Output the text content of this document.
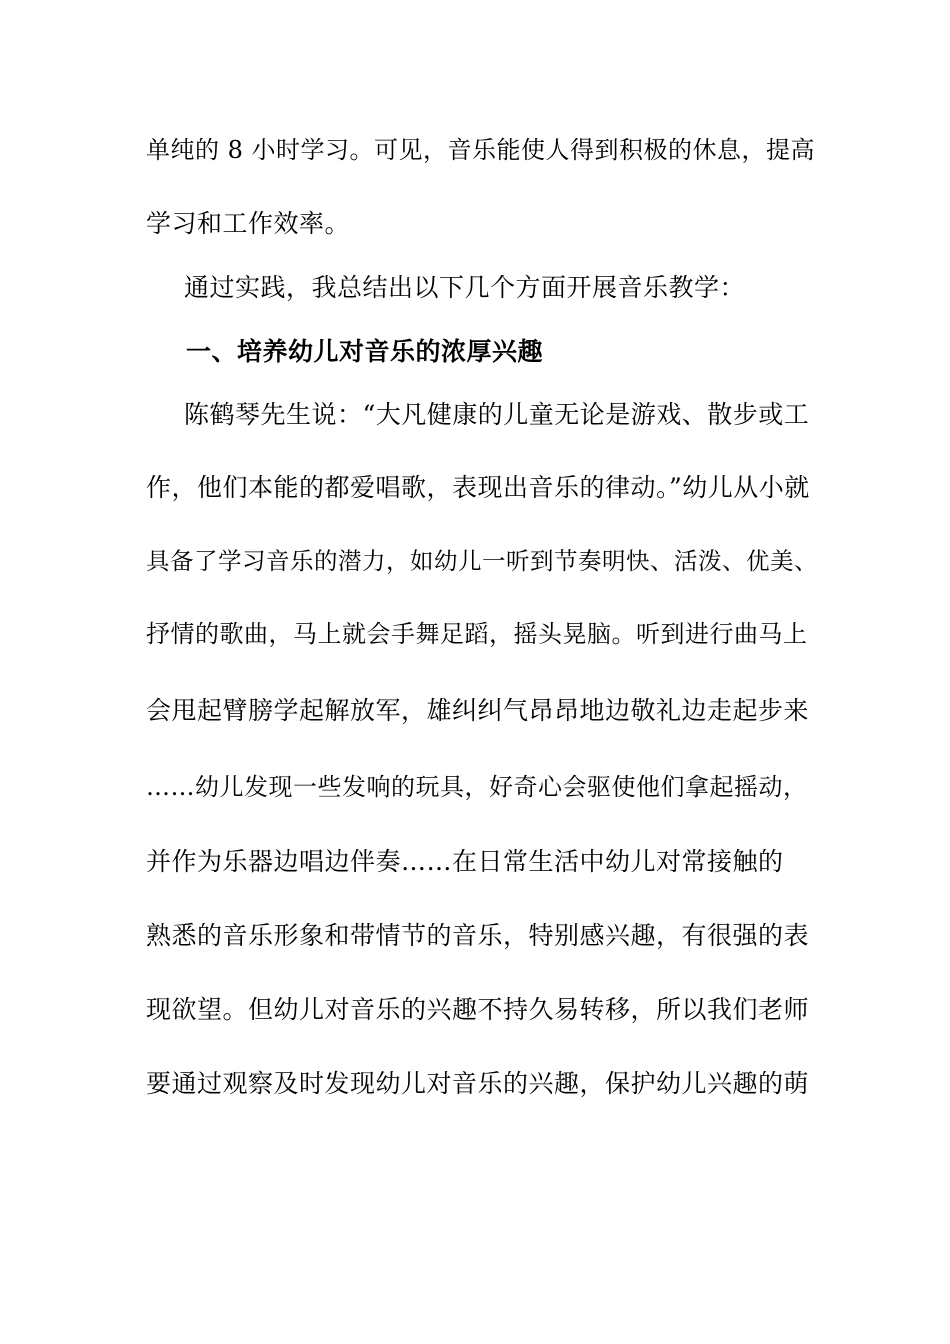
单纯的 8 小时学习。可见，音乐能使人得到积极的休息，提高
学习和工作效率。
通过实践，我总结出以下几个方面开展音乐教学：
一、培养幼儿对音乐的浓厚兴趣
陈鹤琴先生说：“大凡健康的儿童无论是游戏、散步或工
作，他们本能的都爱唱歌，表现出音乐的律动。”幼儿从小就
具备了学习音乐的潜力，如幼儿一听到节奏明快、活泼、优美、
抒情的歌曲，马上就会手舞足蹈，摇头晃脑。听到进行曲马上
会甩起臂膀学起解放军，雄纠纠气昂昂地边敬礼边走起步来
……幼儿发现一些发响的玩具，好奇心会驱使他们拿起摇动，
并作为乐器边唱边伴奏……在日常生活中幼儿对常接触的
熟悉的音乐形象和带情节的音乐，特别感兴趣，有很强的表
现欲望。但幼儿对音乐的兴趣不持久易转移，所以我们老师
要通过观察及时发现幼儿对音乐的兴趣，保护幼儿兴趣的萌
